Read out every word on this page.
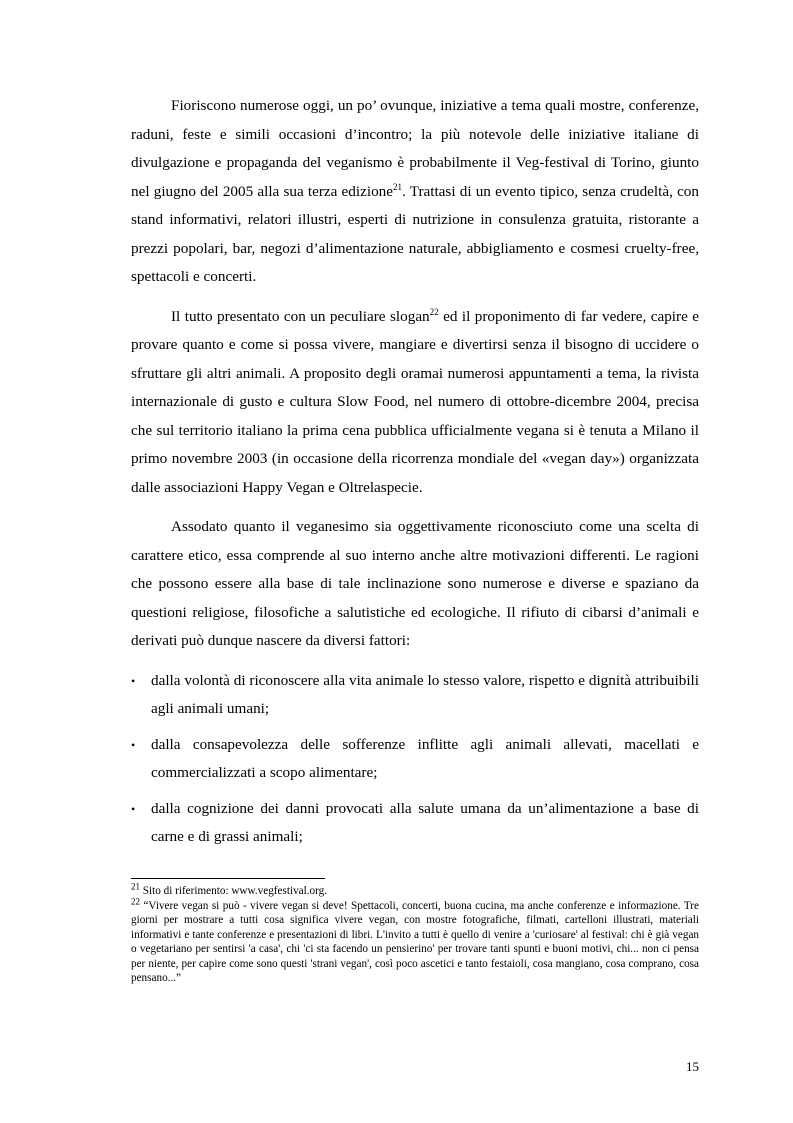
Fioriscono numerose oggi, un po’ ovunque, iniziative a tema quali mostre, conferenze, raduni, feste e simili occasioni d’incontro; la più notevole delle iniziative italiane di divulgazione e propaganda del veganismo è probabilmente il Veg-festival di Torino, giunto nel giugno del 2005 alla sua terza edizione$^{21}$. Trattasi di un evento tipico, senza crudeltà, con stand informativi, relatori illustri, esperti di nutrizione in consulenza gratuita, ristorante a prezzi popolari, bar, negozi d’alimentazione naturale, abbigliamento e cosmesi cruelty-free, spettacoli e concerti.

Il tutto presentato con un peculiare slogan$^{22}$ ed il proponimento di far vedere, capire e provare quanto e come si possa vivere, mangiare e divertirsi senza il bisogno di uccidere o sfruttare gli altri animali. A proposito degli oramai numerosi appuntamenti a tema, la rivista internazionale di gusto e cultura Slow Food, nel numero di ottobre-dicembre 2004, precisa che sul territorio italiano la prima cena pubblica ufficialmente vegana si è tenuta a Milano il primo novembre 2003 (in occasione della ricorrenza mondiale del «vegan day») organizzata dalle associazioni Happy Vegan e Oltrelaspecie.

Assodato quanto il veganesimo sia oggettivamente riconosciuto come una scelta di carattere etico, essa comprende al suo interno anche altre motivazioni differenti. Le ragioni che possono essere alla base di tale inclinazione sono numerose e diverse e spaziano da questioni religiose, filosofiche a salutistiche ed ecologiche. Il rifiuto di cibarsi d’animali e derivati può dunque nascere da diversi fattori:

• dalla volontà di riconoscere alla vita animale lo stesso valore, rispetto e dignità attribuibili agli animali umani;
• dalla consapevolezza delle sofferenze inflitte agli animali allevati, macellati e commercializzati a scopo alimentare;
• dalla cognizione dei danni provocati alla salute umana da un’alimentazione a base di carne e di grassi animali;

$^{21}$ Sito di riferimento: www.vegfestival.org.

$^{22}$ “Vivere vegan si può - vivere vegan si deve! Spettacoli, concerti, buona cucina, ma anche conferenze e informazione. Tre giorni per mostrare a tutti cosa significa vivere vegan, con mostre fotografiche, filmati, cartelloni illustrati, materiali informativi e tante conferenze e presentazioni di libri. L'invito a tutti è quello di venire a 'curiosare' al festival: chi è già vegan o vegetariano per sentirsi 'a casa', chi 'ci sta facendo un pensierino' per trovare tanti spunti e buoni motivi, chi... non ci pensa per niente, per capire come sono questi 'strani vegan', così poco ascetici e tanto festaioli, cosa mangiano, cosa comprano, cosa pensano...”

15
